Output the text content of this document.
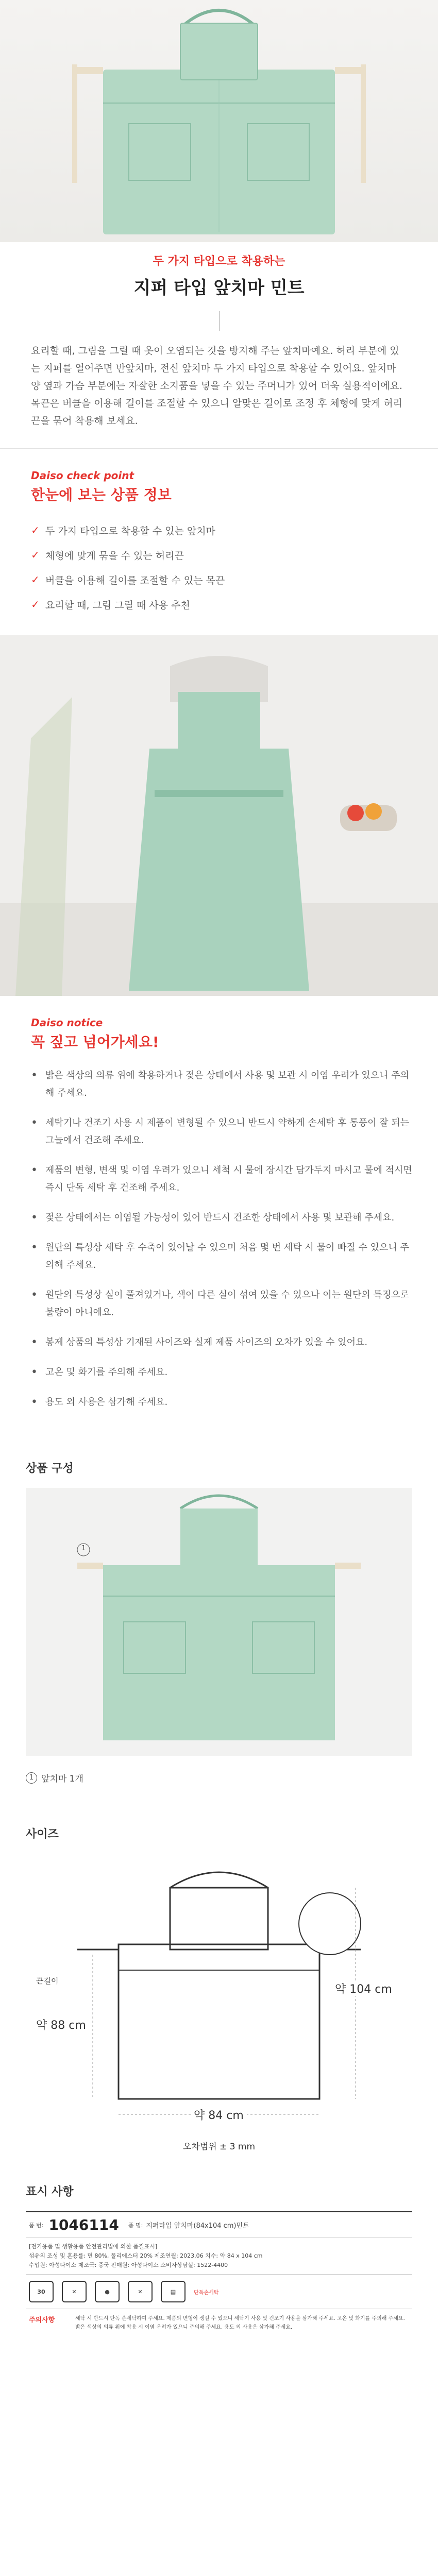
두 가지 타입으로 착용하는
지퍼 타입 앞치마 민트

요리할 때, 그림을 그릴 때 옷이 오염되는 것을 방지해 주는 앞치마예요. 허리 부분에 있는 지퍼를 열어주면 반앞치마, 전신 앞치마 두 가지 타입으로 착용할 수 있어요. 앞치마 양 옆과 가슴 부분에는 자잘한 소지품을 넣을 수 있는 주머니가 있어 더욱 실용적이에요. 목끈은 버클을 이용해 길이를 조절할 수 있으니 알맞은 길이로 조정 후 체형에 맞게 허리끈을 묶어 착용해 보세요.

Daiso check point
한눈에 보는 상품 정보
✓ 두 가지 타입으로 착용할 수 있는 앞치마
✓ 체형에 맞게 묶을 수 있는 허리끈
✓ 버클을 이용해 길이를 조절할 수 있는 목끈
✓ 요리할 때, 그림 그릴 때 사용 추천
Daiso notice
꼭 짚고 넘어가세요!
• 밝은 색상의 의류 위에 착용하거나 젖은 상태에서 사용 및 보관 시 이염 우려가 있으니 주의해 주세요.
• 세탁기나 건조기 사용 시 제품이 변형될 수 있으니 반드시 약하게 손세탁 후 통풍이 잘 되는 그늘에서 건조해 주세요.
• 제품의 변형, 변색 및 이염 우려가 있으니 세척 시 물에 장시간 담가두지 마시고 물에 적시면 즉시 단독 세탁 후 건조해 주세요.
• 젖은 상태에서는 이염될 가능성이 있어 반드시 건조한 상태에서 사용 및 보관해 주세요.
• 원단의 특성상 세탁 후 수축이 있어날 수 있으며 처음 몇 번 세탁 시 물이 빠질 수 있으니 주의해 주세요.
• 원단의 특성상 실이 풀져있거나, 색이 다른 실이 섞여 있을 수 있으나 이는 원단의 특징으로 불량이 아니에요.
• 봉제 상품의 특성상 기재된 사이즈와 실제 제품 사이즈의 오차가 있을 수 있어요.
• 고온 및 화기를 주의해 주세요.
• 용도 외 사용은 삼가해 주세요.
상품 구성
1
1 앞치마 1개
사이즈
끈길이
약 88 cm
약 104 cm
약 84 cm
오차범위 ± 3 mm
표시 사항
품 번: 1046114 품 명: 지퍼타입 앞치마(84x104 cm)민트
[전기용품 및 생활용품 안전관리법에 의한 품질표시]
섬유의 조성 및 혼용률: 면 80%, 폴리에스터 20% 제조연월: 2023.06 치수: 약 84 x 104 cm
수입원: 아성다이소 제조국: 중국 판매원: 아성다이소 소비자상담실: 1522-4400
30	✕	●	✕	▤	단독손세탁
주의사항	세탁 시 반드시 단독 손세탁하여 주세요. 제품의 변형이 생길 수 있으니 세탁기 사용 및 건조기 사용을 삼가해 주세요. 고온 및 화기를 주의해 주세요. 밝은 색상의 의류 위에 착용 시 이염 우려가 있으니 주의해 주세요. 용도 외 사용은 삼가해 주세요.
